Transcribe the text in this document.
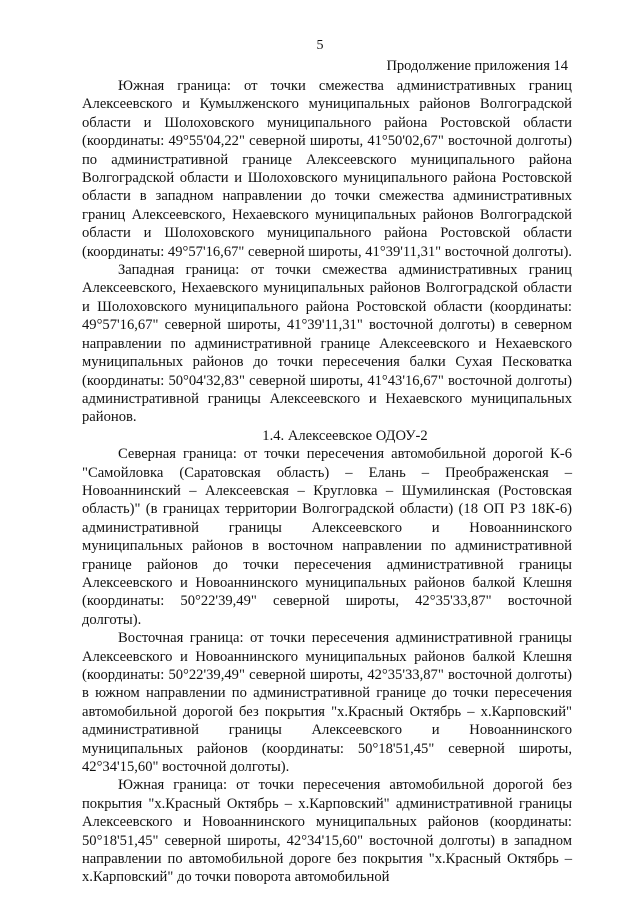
5
Продолжение приложения 14

Южная граница: от точки смежества административных границ Алексеевского и Кумылженского муниципальных районов Волгоградской области и Шолоховского муниципального района Ростовской области (координаты: 49°55'04,22" северной широты, 41°50'02,67" восточной долготы) по административной границе Алексеевского муниципального района Волгоградской области и Шолоховского муниципального района Ростовской области в западном направлении до точки смежества административных границ Алексеевского, Нехаевского муниципальных районов Волгоградской области и Шолоховского муниципального района Ростовской области (координаты: 49°57'16,67" северной широты, 41°39'11,31" восточной долготы).

Западная граница: от точки смежества административных границ Алексеевского, Нехаевского муниципальных районов Волгоградской области и Шолоховского муниципального района Ростовской области (координаты: 49°57'16,67" северной широты, 41°39'11,31" восточной долготы) в северном направлении по административной границе Алексеевского и Нехаевского муниципальных районов до точки пересечения балки Сухая Песковатка (координаты: 50°04'32,83" северной широты, 41°43'16,67" восточной долготы) административной границы Алексеевского и Нехаевского муниципальных районов.

1.4. Алексеевское ОДОУ-2

Северная граница: от точки пересечения автомобильной дорогой К-6 "Самойловка (Саратовская область) – Елань – Преображенская – Новоаннинский – Алексеевская – Кругловка – Шумилинская (Ростовская область)" (в границах территории Волгоградской области) (18 ОП РЗ 18К-6) административной границы Алексеевского и Новоаннинского муниципальных районов в восточном направлении по административной границе районов до точки пересечения административной границы Алексеевского и Новоаннинского муниципальных районов балкой Клешня (координаты: 50°22'39,49" северной широты, 42°35'33,87" восточной долготы).

Восточная граница: от точки пересечения административной границы Алексеевского и Новоаннинского муниципальных районов балкой Клешня (координаты: 50°22'39,49" северной широты, 42°35'33,87" восточной долготы) в южном направлении по административной границе до точки пересечения автомобильной дорогой без покрытия "х.Красный Октябрь – х.Карповский" административной границы Алексеевского и Новоаннинского муниципальных районов (координаты: 50°18'51,45" северной широты, 42°34'15,60" восточной долготы).

Южная граница: от точки пересечения автомобильной дорогой без покрытия "х.Красный Октябрь – х.Карповский" административной границы Алексеевского и Новоаннинского муниципальных районов (координаты: 50°18'51,45" северной широты, 42°34'15,60" восточной долготы) в западном направлении по автомобильной дороге без покрытия "х.Красный Октябрь – х.Карповский" до точки поворота автомобильной
